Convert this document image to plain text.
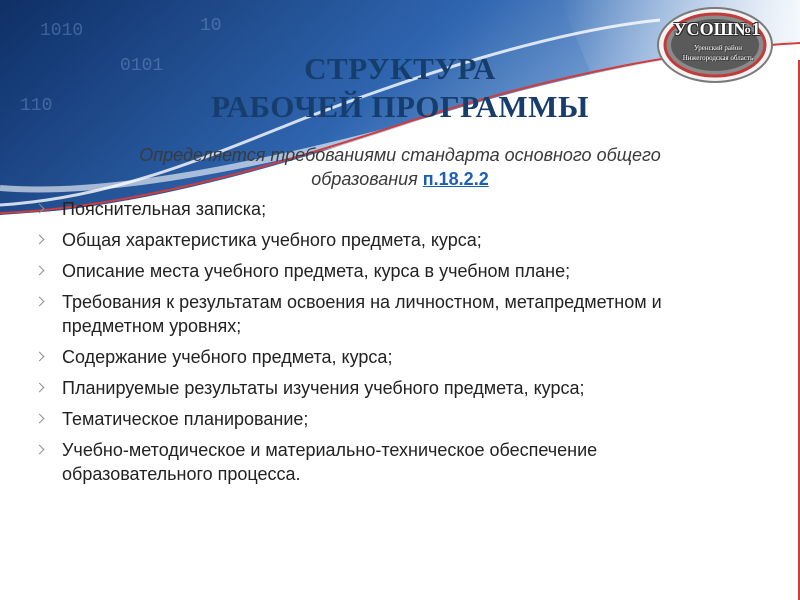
1010
0101
110
10	УСОШ№1
Уренский район
Нижегородская область
СТРУКТУРА
РАБОЧЕЙ ПРОГРАММЫ
Определяется требованиями стандарта основного общего
образования п.18.2.2
Пояснительная записка;
Общая характеристика учебного предмета, курса;
Описание места учебного предмета, курса в учебном плане;
Требования к результатам освоения на личностном, метапредметном и предметном уровнях;
Содержание учебного предмета, курса;
Планируемые результаты изучения учебного предмета, курса;
Тематическое планирование;
Учебно-методическое и материально-техническое обеспечение образовательного процесса.
